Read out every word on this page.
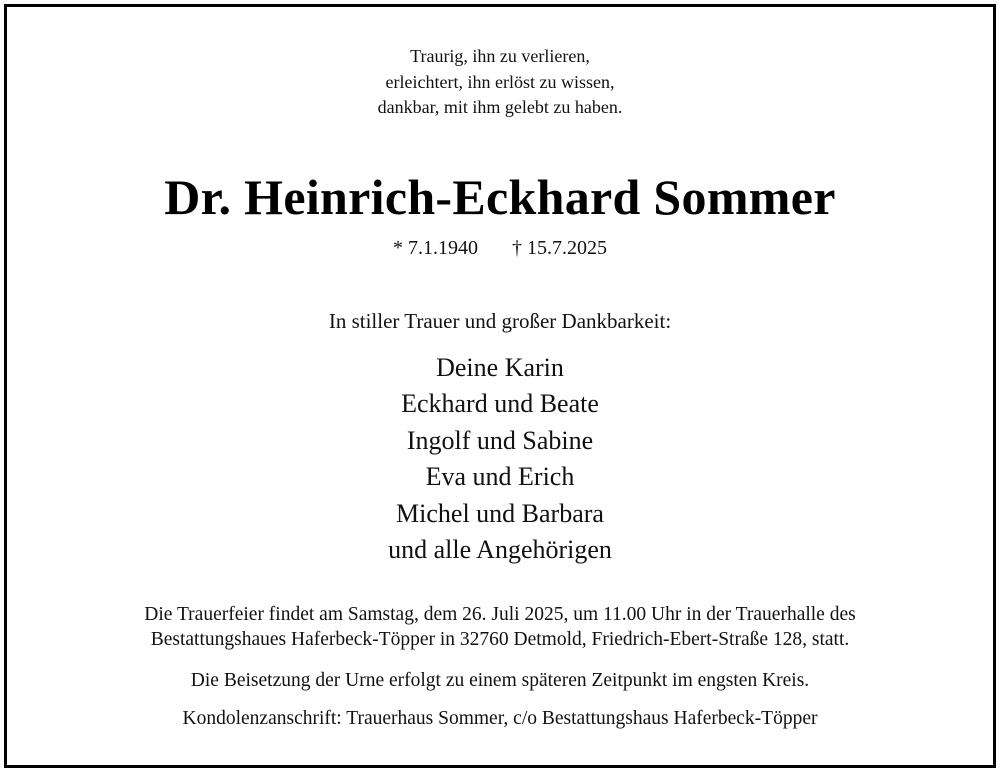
Traurig, ihn zu verlieren,
erleichtert, ihn erlöst zu wissen,
dankbar, mit ihm gelebt zu haben.
Dr. Heinrich-Eckhard Sommer
* 7.1.1940 † 15.7.2025
In stiller Trauer und großer Dankbarkeit:
Deine Karin
Eckhard und Beate
Ingolf und Sabine
Eva und Erich
Michel und Barbara
und alle Angehörigen
Die Trauerfeier findet am Samstag, dem 26. Juli 2025, um 11.00 Uhr in der Trauerhalle des
Bestattungshaues Haferbeck-Töpper in 32760 Detmold, Friedrich-Ebert-Straße 128, statt.
Die Beisetzung der Urne erfolgt zu einem späteren Zeitpunkt im engsten Kreis.
Kondolenzanschrift: Trauerhaus Sommer, c/o Bestattungshaus Haferbeck-Töpper
